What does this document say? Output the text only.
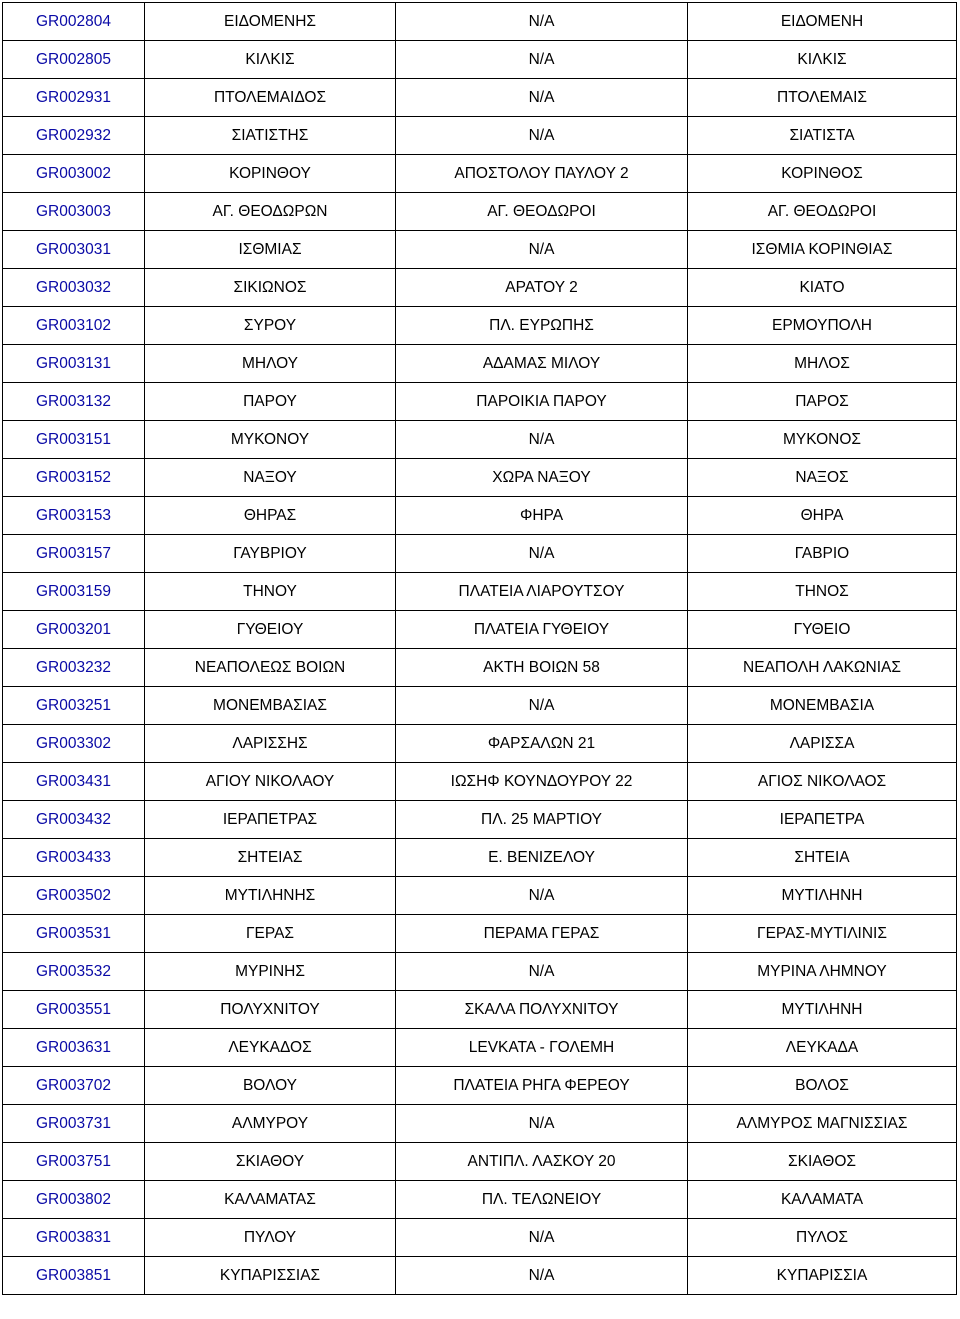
GR002804	ΕΙΔΟΜΕΝΗΣ	N/A	ΕΙΔΟΜΕΝΗ
GR002805	ΚΙΛΚΙΣ	N/A	ΚΙΛΚΙΣ
GR002931	ΠΤΟΛΕΜΑΙΔΟΣ	N/A	ΠΤΟΛΕΜΑΙΣ
GR002932	ΣΙΑΤΙΣΤΗΣ	N/A	ΣΙΑΤΙΣΤΑ
GR003002	ΚΟΡΙΝΘΟΥ	ΑΠΟΣΤΟΛΟΥ ΠΑΥΛΟΥ 2	ΚΟΡΙΝΘΟΣ
GR003003	ΑΓ. ΘΕΟΔΩΡΩΝ	ΑΓ. ΘΕΟΔΩΡΟΙ	ΑΓ. ΘΕΟΔΩΡΟΙ
GR003031	ΙΣΘΜΙΑΣ	N/A	ΙΣΘΜΙΑ ΚΟΡΙΝΘΙΑΣ
GR003032	ΣΙΚΙΩΝΟΣ	ΑΡΑΤΟΥ 2	ΚΙΑΤΟ
GR003102	ΣΥΡΟΥ	ΠΛ. ΕΥΡΩΠΗΣ	ΕΡΜΟΥΠΟΛΗ
GR003131	ΜΗΛΟΥ	ΑΔΑΜΑΣ ΜΙΛΟΥ	ΜΗΛΟΣ
GR003132	ΠΑΡΟΥ	ΠΑΡΟΙΚΙΑ ΠΑΡΟΥ	ΠΑΡΟΣ
GR003151	ΜΥΚΟΝΟΥ	N/A	ΜΥΚΟΝΟΣ
GR003152	ΝΑΞΟΥ	ΧΩΡΑ ΝΑΞΟΥ	ΝΑΞΟΣ
GR003153	ΘΗΡΑΣ	ΦΗΡΑ	ΘΗΡΑ
GR003157	ΓΑΥΒΡΙΟΥ	N/A	ΓΑΒΡΙΟ
GR003159	ΤΗΝΟΥ	ΠΛΑΤΕΙΑ ΛΙΑΡΟΥΤΣΟΥ	ΤΗΝΟΣ
GR003201	ΓΥΘΕΙΟΥ	ΠΛΑΤΕΙΑ ΓΥΘΕΙΟΥ	ΓΥΘΕΙΟ
GR003232	ΝΕΑΠΟΛΕΩΣ ΒΟΙΩΝ	ΑΚΤΗ ΒΟΙΩΝ 58	ΝΕΑΠΟΛΗ ΛΑΚΩΝΙΑΣ
GR003251	ΜΟΝΕΜΒΑΣΙΑΣ	N/A	ΜΟΝΕΜΒΑΣΙΑ
GR003302	ΛΑΡΙΣΣΗΣ	ΦΑΡΣΑΛΩΝ 21	ΛΑΡΙΣΣΑ
GR003431	ΑΓΙΟΥ ΝΙΚΟΛΑΟΥ	ΙΩΣΗΦ ΚΟΥΝΔΟΥΡΟΥ 22	ΑΓΙΟΣ ΝΙΚΟΛΑΟΣ
GR003432	ΙΕΡΑΠΕΤΡΑΣ	ΠΛ. 25 ΜΑΡΤΙΟΥ	ΙΕΡΑΠΕΤΡΑ
GR003433	ΣΗΤΕΙΑΣ	Ε. ΒΕΝΙΖΕΛΟΥ	ΣΗΤΕΙΑ
GR003502	ΜΥΤΙΛΗΝΗΣ	N/A	ΜΥΤΙΛΗΝΗ
GR003531	ΓΕΡΑΣ	ΠΕΡΑΜΑ ΓΕΡΑΣ	ΓΕΡΑΣ-ΜΥΤΙΛΙΝΙΣ
GR003532	ΜΥΡΙΝΗΣ	N/A	ΜΥΡΙΝΑ ΛΗΜΝΟΥ
GR003551	ΠΟΛΥΧΝΙΤΟΥ	ΣΚΑΛΑ ΠΟΛΥΧΝΙΤΟΥ	ΜΥΤΙΛΗΝΗ
GR003631	ΛΕΥΚΑΔΟΣ	LEVKATA - ΓΟΛΕΜΗ	ΛΕΥΚΑΔΑ
GR003702	ΒΟΛΟΥ	ΠΛΑΤΕΙΑ ΡΗΓΑ ΦΕΡΕΟΥ	ΒΟΛΟΣ
GR003731	ΑΛΜΥΡΟΥ	N/A	ΑΛΜΥΡΟΣ ΜΑΓΝΙΣΣΙΑΣ
GR003751	ΣΚΙΑΘΟΥ	ΑΝΤΙΠΛ. ΛΑΣΚΟΥ 20	ΣΚΙΑΘΟΣ
GR003802	ΚΑΛΑΜΑΤΑΣ	ΠΛ. ΤΕΛΩΝΕΙΟΥ	ΚΑΛΑΜΑΤΑ
GR003831	ΠΥΛΟΥ	N/A	ΠΥΛΟΣ
GR003851	ΚΥΠΑΡΙΣΣΙΑΣ	N/A	ΚΥΠΑΡΙΣΣΙΑ
